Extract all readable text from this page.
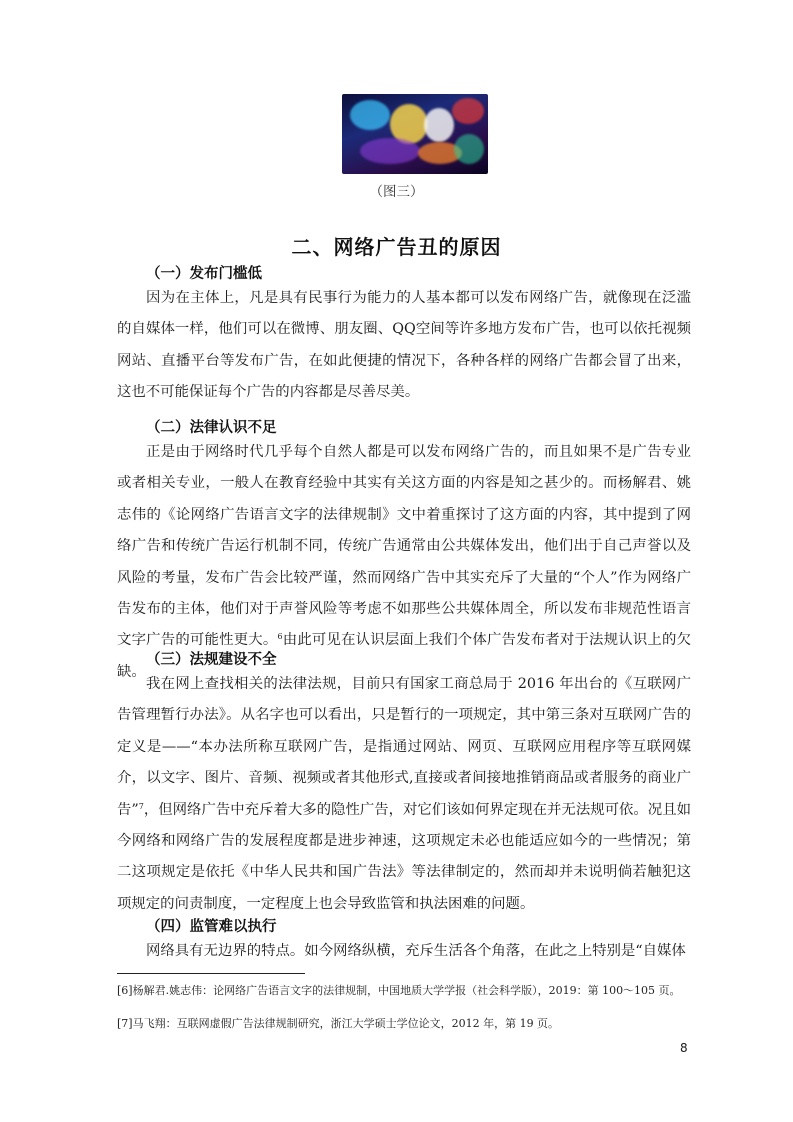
（图三）
二、网络广告丑的原因
（一）发布门槛低

因为在主体上，凡是具有民事行为能力的人基本都可以发布网络广告，就像现在泛滥的自媒体一样，他们可以在微博、朋友圈、QQ空间等许多地方发布广告，也可以依托视频网站、直播平台等发布广告，在如此便捷的情况下，各种各样的网络广告都会冒了出来，这也不可能保证每个广告的内容都是尽善尽美。

（二）法律认识不足

正是由于网络时代几乎每个自然人都是可以发布网络广告的，而且如果不是广告专业或者相关专业，一般人在教育经验中其实有关这方面的内容是知之甚少的。而杨解君、姚志伟的《论网络广告语言文字的法律规制》文中着重探讨了这方面的内容，其中提到了网络广告和传统广告运行机制不同，传统广告通常由公共媒体发出，他们出于自己声誉以及风险的考量，发布广告会比较严谨，然而网络广告中其实充斥了大量的“个人”作为网络广告发布的主体，他们对于声誉风险等考虑不如那些公共媒体周全，所以发布非规范性语言文字广告的可能性更大。$^6$由此可见在认识层面上我们个体广告发布者对于法规认识上的欠缺。

（三）法规建设不全

我在网上查找相关的法律法规，目前只有国家工商总局于 2016 年出台的《互联网广告管理暂行办法》。从名字也可以看出，只是暂行的一项规定，其中第三条对互联网广告的定义是——“本办法所称互联网广告，是指通过网站、网页、互联网应用程序等互联网媒介，以文字、图片、音频、视频或者其他形式,直接或者间接地推销商品或者服务的商业广告”$^7$，但网络广告中充斥着大多的隐性广告，对它们该如何界定现在并无法规可依。况且如今网络和网络广告的发展程度都是进步神速，这项规定未必也能适应如今的一些情况；第二这项规定是依托《中华人民共和国广告法》等法律制定的，然而却并未说明倘若触犯这项规定的问责制度，一定程度上也会导致监管和执法困难的问题。

（四）监管难以执行

网络具有无边界的特点。如今网络纵横，充斥生活各个角落，在此之上特别是“自媒体

[6]杨解君.姚志伟：论网络广告语言文字的法律规制，中国地质大学学报（社会科学版），2019：第 100～105 页。
[7]马飞翔：互联网虚假广告法律规制研究，浙江大学硕士学位论文，2012 年，第 19 页。
8
